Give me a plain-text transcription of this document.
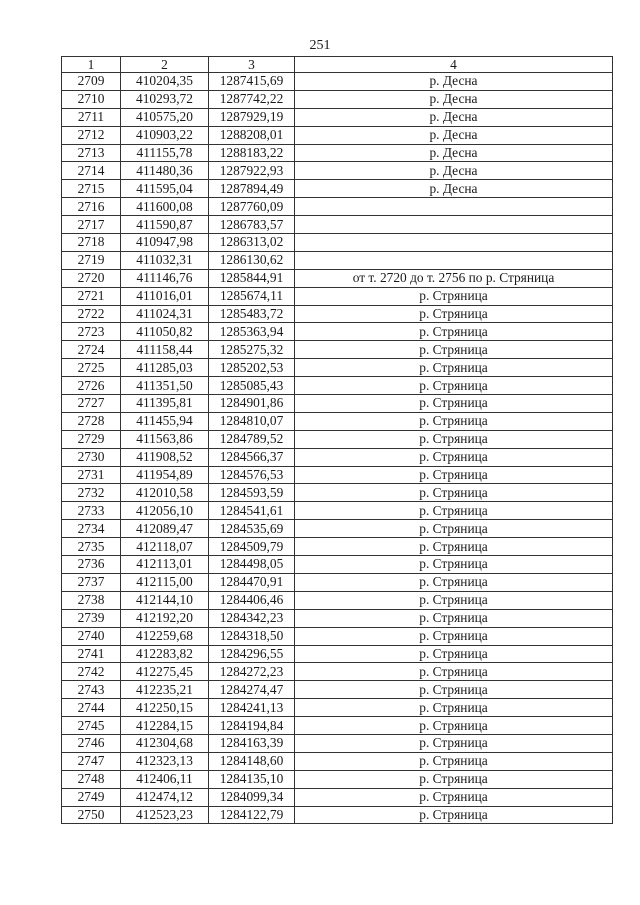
251
1	2	3	4
2709	410204,35	1287415,69	р. Десна
2710	410293,72	1287742,22	р. Десна
2711	410575,20	1287929,19	р. Десна
2712	410903,22	1288208,01	р. Десна
2713	411155,78	1288183,22	р. Десна
2714	411480,36	1287922,93	р. Десна
2715	411595,04	1287894,49	р. Десна
2716	411600,08	1287760,09	
2717	411590,87	1286783,57	
2718	410947,98	1286313,02	
2719	411032,31	1286130,62	
2720	411146,76	1285844,91	от т. 2720 до т. 2756 по р. Стряница
2721	411016,01	1285674,11	р. Стряница
2722	411024,31	1285483,72	р. Стряница
2723	411050,82	1285363,94	р. Стряница
2724	411158,44	1285275,32	р. Стряница
2725	411285,03	1285202,53	р. Стряница
2726	411351,50	1285085,43	р. Стряница
2727	411395,81	1284901,86	р. Стряница
2728	411455,94	1284810,07	р. Стряница
2729	411563,86	1284789,52	р. Стряница
2730	411908,52	1284566,37	р. Стряница
2731	411954,89	1284576,53	р. Стряница
2732	412010,58	1284593,59	р. Стряница
2733	412056,10	1284541,61	р. Стряница
2734	412089,47	1284535,69	р. Стряница
2735	412118,07	1284509,79	р. Стряница
2736	412113,01	1284498,05	р. Стряница
2737	412115,00	1284470,91	р. Стряница
2738	412144,10	1284406,46	р. Стряница
2739	412192,20	1284342,23	р. Стряница
2740	412259,68	1284318,50	р. Стряница
2741	412283,82	1284296,55	р. Стряница
2742	412275,45	1284272,23	р. Стряница
2743	412235,21	1284274,47	р. Стряница
2744	412250,15	1284241,13	р. Стряница
2745	412284,15	1284194,84	р. Стряница
2746	412304,68	1284163,39	р. Стряница
2747	412323,13	1284148,60	р. Стряница
2748	412406,11	1284135,10	р. Стряница
2749	412474,12	1284099,34	р. Стряница
2750	412523,23	1284122,79	р. Стряница
